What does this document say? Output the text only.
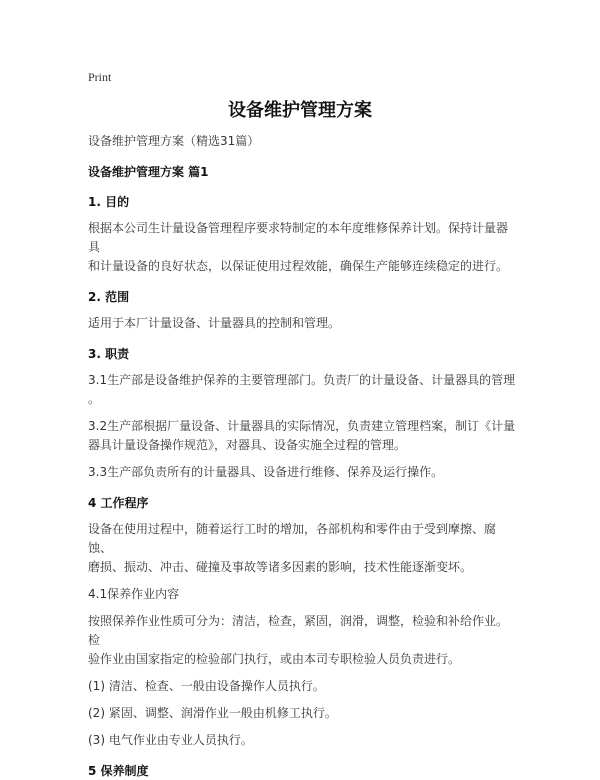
Print
设备维护管理方案
设备维护管理方案（精选31篇）
设备维护管理方案 篇1
1. 目的
根据本公司生计量设备管理程序要求特制定的本年度维修保养计划。保持计量器具
和计量设备的良好状态，以保证使用过程效能，确保生产能够连续稳定的进行。
2. 范围
适用于本厂计量设备、计量器具的控制和管理。
3. 职责
3.1生产部是设备维护保养的主要管理部门。负责厂的计量设备、计量器具的管理
。
3.2生产部根据厂量设备、计量器具的实际情况，负责建立管理档案，制订《计量
器具计量设备操作规范》，对器具、设备实施全过程的管理。
3.3生产部负责所有的计量器具、设备进行维修、保养及运行操作。
4 工作程序
设备在使用过程中，随着运行工时的增加，各部机构和零件由于受到摩擦、腐蚀、
磨损、振动、冲击、碰撞及事故等诸多因素的影响，技术性能逐渐变坏。
4.1保养作业内容
按照保养作业性质可分为：清洁，检查，紧固，润滑，调整，检验和补给作业。检
验作业由国家指定的检验部门执行，或由本司专职检验人员负责进行。
(1) 清洁、检查、一般由设备操作人员执行。
(2) 紧固、调整、润滑作业一般由机修工执行。
(3) 电气作业由专业人员执行。
5 保养制度
